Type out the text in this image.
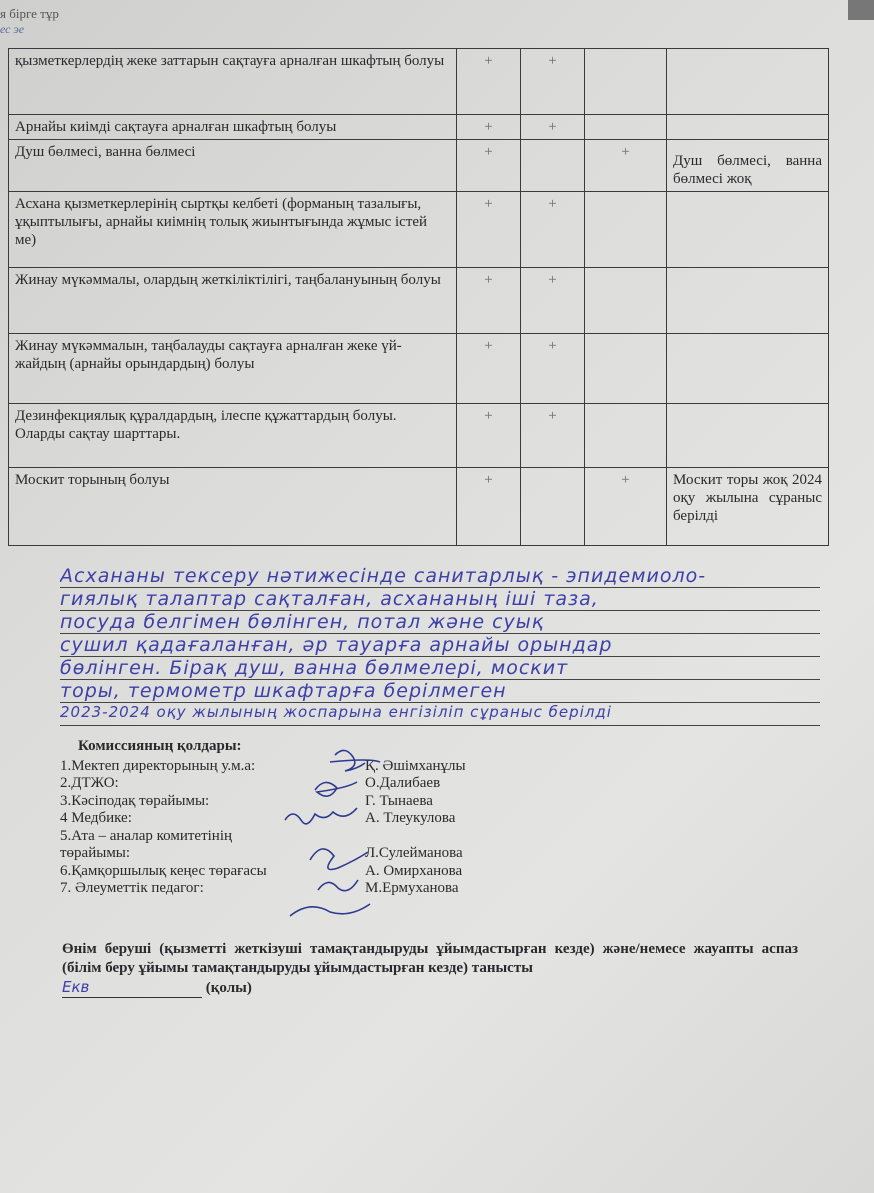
я бірге тұр
ес эе
қызметкерлердің жеке заттарын сақтауға арналған шкафтың болуы	+	+		
Арнайы киімді сақтауға арналған шкафтың болуы	+	+		
Душ бөлмесі, ванна бөлмесі	+		+	Душ бөлмесі, ванна бөлмесі жоқ
Асхана қызметкерлерінің сыртқы келбеті (форманың тазалығы, ұқыптылығы, арнайы киімнің толық жиынтығында жұмыс істей ме)	+	+		
Жинау мүкәммалы, олардың жеткіліктілігі, таңбалануының болуы	+	+		
Жинау мүкәммалын, таңбалауды сақтауға арналған жеке үй-жайдың (арнайы орындардың) болуы	+	+		
Дезинфекциялық құралдардың, ілеспе құжаттардың болуы. Оларды сақтау шарттары.	+	+		
Москит торының болуы	+		+	Москит торы жоқ 2024 оқу жылына сұраныс берілді
Асхананы тексеру нәтижесінде санитарлық - эпидемиоло-
гиялық талаптар сақталған, асхананың іші таза,
посуда белгімен бөлінген, потал және суық
сушил қадағаланған, әр тауарға арнайы орындар
бөлінген. Бірақ душ, ванна бөлмелері, москит
торы, термометр шкафтарға берілмеген
2023-2024 оқу жылының жоспарына енгізіліп сұраныс берілді
Комиссияның қолдары:
1.Мектеп директорының у.м.а:	Қ. Әшімханұлы
2.ДТЖО:	О.Далибаев
3.Кәсіподақ төрайымы:	Г. Тынаева
4 Медбике:	А. Тлеукулова
5.Ата – аналар комитетінің
төрайымы:	Л.Сулейманова
6.Қамқоршылық кеңес төрағасы	А. Омирханова
7. Әлеуметтік педагог:	М.Ермуханова
Өнім беруші (қызметті жеткізуші тамақтандыруды ұйымдастырған кезде) және/немесе жауапты аспаз (білім беру ұйымы тамақтандыруды ұйымдастырған кезде) танысты
Екв	(қолы)
